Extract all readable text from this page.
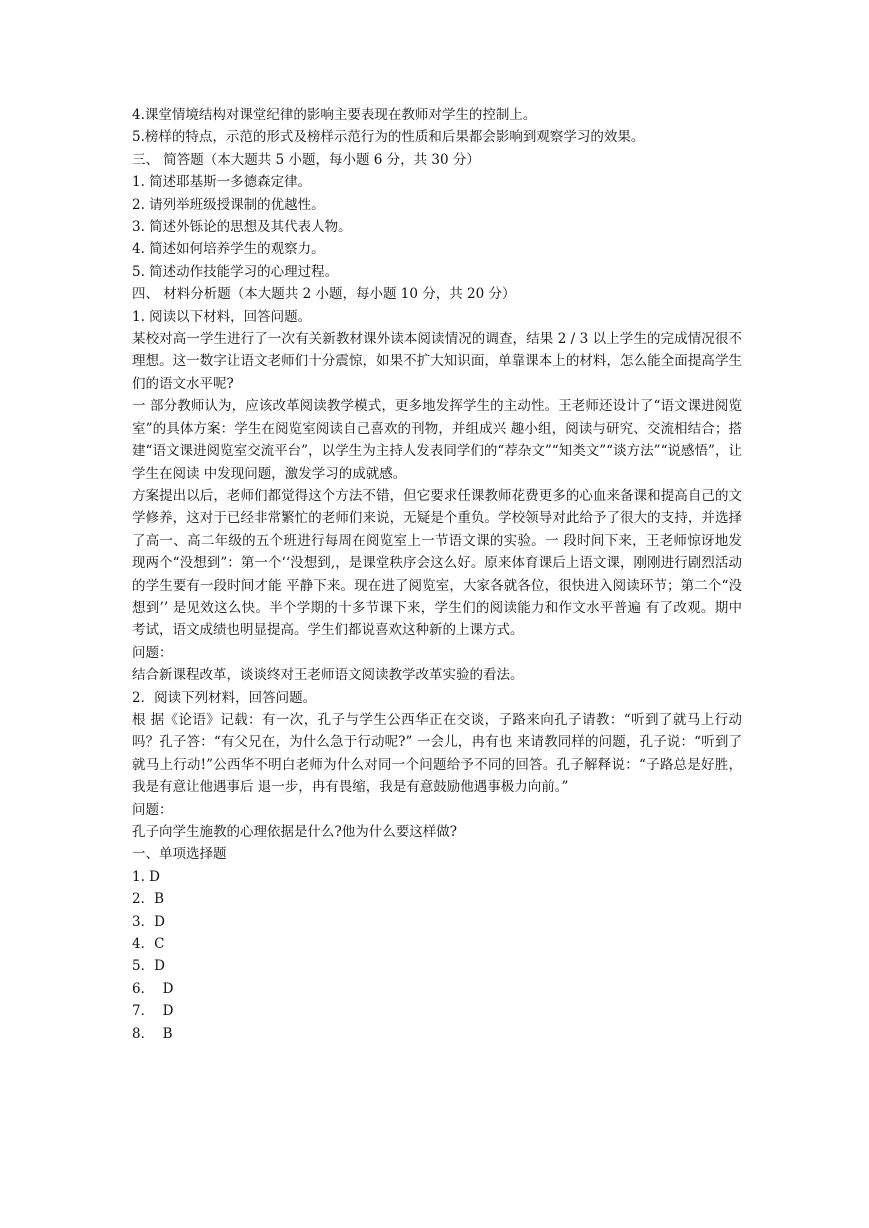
4.课堂情境结构对课堂纪律的影响主要表现在教师对学生的控制上。
5.榜样的特点，示范的形式及榜样示范行为的性质和后果都会影响到观察学习的效果。
三、 简答题（本大题共 5 小题，每小题 6 分，共 30 分）
1. 简述耶基斯一多德森定律。
2. 请列举班级授课制的优越性。
3. 简述外铄论的思想及其代表人物。
4. 简述如何培养学生的观察力。
5. 简述动作技能学习的心理过程。
四、 材料分析题（本大题共 2 小题，每小题 10 分，共 20 分）
1. 阅读以下材料，回答问题。
某校对高一学生进行了一次有关新教材课外读本阅读情况的调查，结果 2 / 3 以上学生的完成情况很不理想。这一数字让语文老师们十分震惊，如果不扩大知识面，单靠课本上的材料，怎么能全面提高学生们的语文水平呢?
一 部分教师认为，应该改革阅读教学模式，更多地发挥学生的主动性。王老师还设计了“语文课进阅览室”的具体方案：学生在阅览室阅读自己喜欢的刊物，并组成兴 趣小组，阅读与研究、交流相结合；搭建“语文课进阅览室交流平台”，以学生为主持人发表同学们的“荐杂文”“知类文”“谈方法”“说感悟”，让学生在阅读 中发现问题，激发学习的成就感。
方案提出以后，老师们都觉得这个方法不错，但它要求任课教师花费更多的心血来备课和提高自己的文学修养，这对于已经非常繁忙的老师们来说，无疑是个重负。学校领导对此给予了很大的支持，并选择了高一、高二年级的五个班进行每周在阅览室上一节语文课的实验。一 段时间下来，王老师惊讶地发现两个“没想到”：第一个‘‘没想到,，是课堂秩序会这么好。原来体育课后上语文课，刚刚进行剧烈活动的学生要有一段时间才能 平静下来。现在进了阅览室，大家各就各位，很快进入阅读环节；第二个“没想到’’ 是见效这么快。半个学期的十多节课下来，学生们的阅读能力和作文水平普遍 有了改观。期中考试，语文成绩也明显提高。学生们都说喜欢这种新的上课方式。
问题：
结合新课程改革，谈谈终对王老师语文阅读教学改革实验的看法。
2．阅读下列材料，回答问题。
根 据《论语》记载：有一次，孔子与学生公西华正在交谈，子路来向孔子请教：“听到了就马上行动吗？孔子答：“有父兄在，为什么急于行动呢?” 一会儿，冉有也 来请教同样的问题，孔子说：“听到了就马上行动!”公西华不明白老师为什么对同一个问题给予不同的回答。孔子解释说：“子路总是好胜，我是有意让他遇事后 退一步，冉有畏缩，我是有意鼓励他遇事极力向前。”
问题：
孔子向学生施教的心理依据是什么?他为什么要这样做?
一、单项选择题
1. D
2．B
3．D
4．C
5．D
6．  D
7．  D
8．  B
